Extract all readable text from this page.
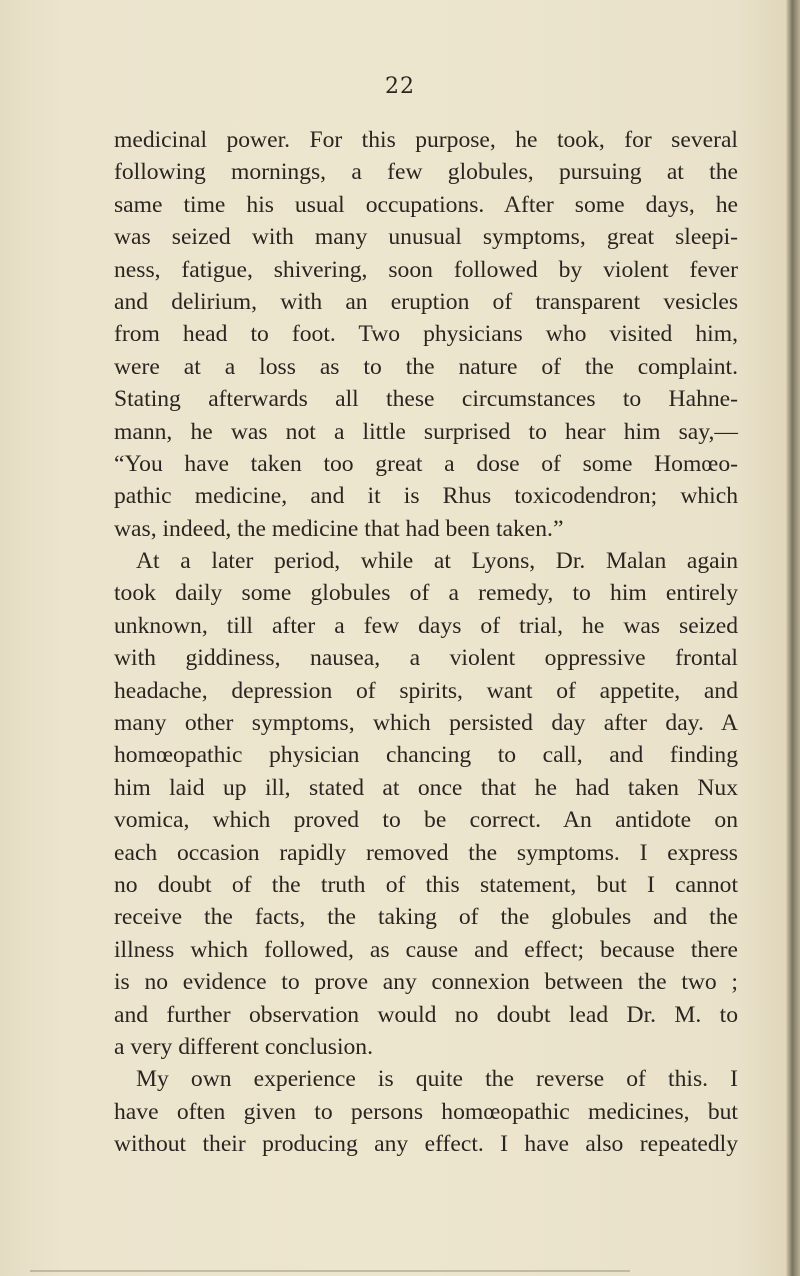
22
medicinal power. For this purpose, he took, for several
following mornings, a few globules, pursuing at the
same time his usual occupations. After some days, he
was seized with many unusual symptoms, great sleepi-
ness, fatigue, shivering, soon followed by violent fever
and delirium, with an eruption of transparent vesicles
from head to foot. Two physicians who visited him,
were at a loss as to the nature of the complaint.
Stating afterwards all these circumstances to Hahne-
mann, he was not a little surprised to hear him say,—
“You have taken too great a dose of some Homœo-
pathic medicine, and it is Rhus toxicodendron; which
was, indeed, the medicine that had been taken.”
At a later period, while at Lyons, Dr. Malan again
took daily some globules of a remedy, to him entirely
unknown, till after a few days of trial, he was seized
with giddiness, nausea, a violent oppressive frontal
headache, depression of spirits, want of appetite, and
many other symptoms, which persisted day after day. A
homœopathic physician chancing to call, and finding
him laid up ill, stated at once that he had taken Nux
vomica, which proved to be correct. An antidote on
each occasion rapidly removed the symptoms. I express
no doubt of the truth of this statement, but I cannot
receive the facts, the taking of the globules and the
illness which followed, as cause and effect; because there
is no evidence to prove any connexion between the two ;
and further observation would no doubt lead Dr. M. to
a very different conclusion.
My own experience is quite the reverse of this. I
have often given to persons homœopathic medicines, but
without their producing any effect. I have also repeatedly
